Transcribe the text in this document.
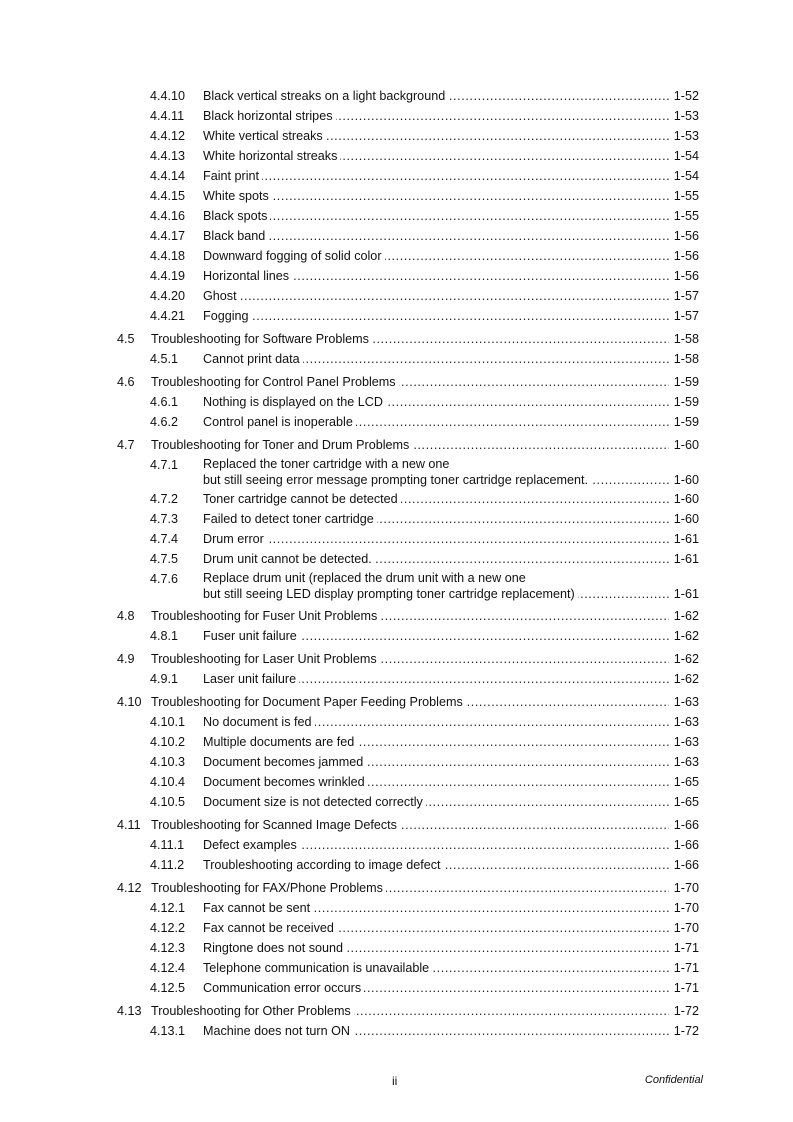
4.4.10 Black vertical streaks on a light background .....	1-52
4.4.11 Black horizontal stripes .....	1-53
4.4.12 White vertical streaks .....	1-53
4.4.13 White horizontal streaks .....	1-54
4.4.14 Faint print .....	1-54
4.4.15 White spots .....	1-55
4.4.16 Black spots .....	1-55
4.4.17 Black band .....	1-56
4.4.18 Downward fogging of solid color .....	1-56
4.4.19 Horizontal lines .....	1-56
4.4.20 Ghost .....	1-57
4.4.21 Fogging .....	1-57
4.5 Troubleshooting for Software Problems .....	1-58
4.5.1 Cannot print data .....	1-58
4.6 Troubleshooting for Control Panel Problems .....	1-59
4.6.1 Nothing is displayed on the LCD .....	1-59
4.6.2 Control panel is inoperable .....	1-59
4.7 Troubleshooting for Toner and Drum Problems .....	1-60
4.7.1 Replaced the toner cartridge with a new one
but still seeing error message prompting toner cartridge replacement. .....	1-60
4.7.2 Toner cartridge cannot be detected .....	1-60
4.7.3 Failed to detect toner cartridge .....	1-60
4.7.4 Drum error .....	1-61
4.7.5 Drum unit cannot be detected. .....	1-61
4.7.6 Replace drum unit (replaced the drum unit with a new one
but still seeing LED display prompting toner cartridge replacement) .....	1-61
4.8 Troubleshooting for Fuser Unit Problems .....	1-62
4.8.1 Fuser unit failure .....	1-62
4.9 Troubleshooting for Laser Unit Problems .....	1-62
4.9.1 Laser unit failure .....	1-62
4.10 Troubleshooting for Document Paper Feeding Problems .....	1-63
4.10.1 No document is fed .....	1-63
4.10.2 Multiple documents are fed .....	1-63
4.10.3 Document becomes jammed .....	1-63
4.10.4 Document becomes wrinkled .....	1-65
4.10.5 Document size is not detected correctly .....	1-65
4.11 Troubleshooting for Scanned Image Defects .....	1-66
4.11.1 Defect examples .....	1-66
4.11.2 Troubleshooting according to image defect .....	1-66
4.12 Troubleshooting for FAX/Phone Problems .....	1-70
4.12.1 Fax cannot be sent .....	1-70
4.12.2 Fax cannot be received .....	1-70
4.12.3 Ringtone does not sound .....	1-71
4.12.4 Telephone communication is unavailable .....	1-71
4.12.5 Communication error occurs .....	1-71
4.13 Troubleshooting for Other Problems .....	1-72
4.13.1 Machine does not turn ON .....	1-72
ii	Confidential
